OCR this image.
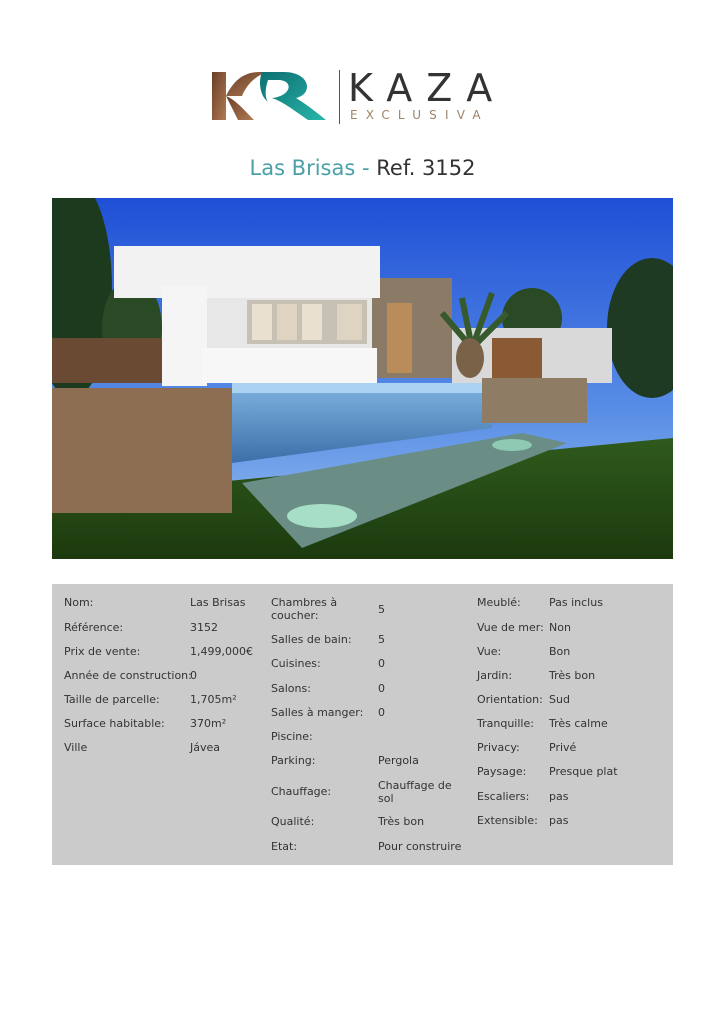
KAZA
EXCLUSIVA
Las Brisas - Ref. 3152
Nom:	Las Brisas
Référence:	3152
Prix de vente:	1,499,000€
Année de construction:
0
Taille de parcelle:	1,705m²
Surface habitable: 370m²
Ville	Jávea
Chambres à coucher:	5
Salles de bain: 5
Cuisines:	0
Salons:	0
Salles à manger: 0
Piscine:
Parking:	Pergola
Chauffage:	Chauffage de sol
Qualité:	Très bon
Etat:	Pour construire
Meublé:	Pas inclus
Vue de mer: Non
Vue:	Bon
Jardin:	Très bon
Orientation: Sud
Tranquille: Très calme
Privacy:	Privé
Paysage: Presque plat
Escaliers: pas
Extensible: pas
